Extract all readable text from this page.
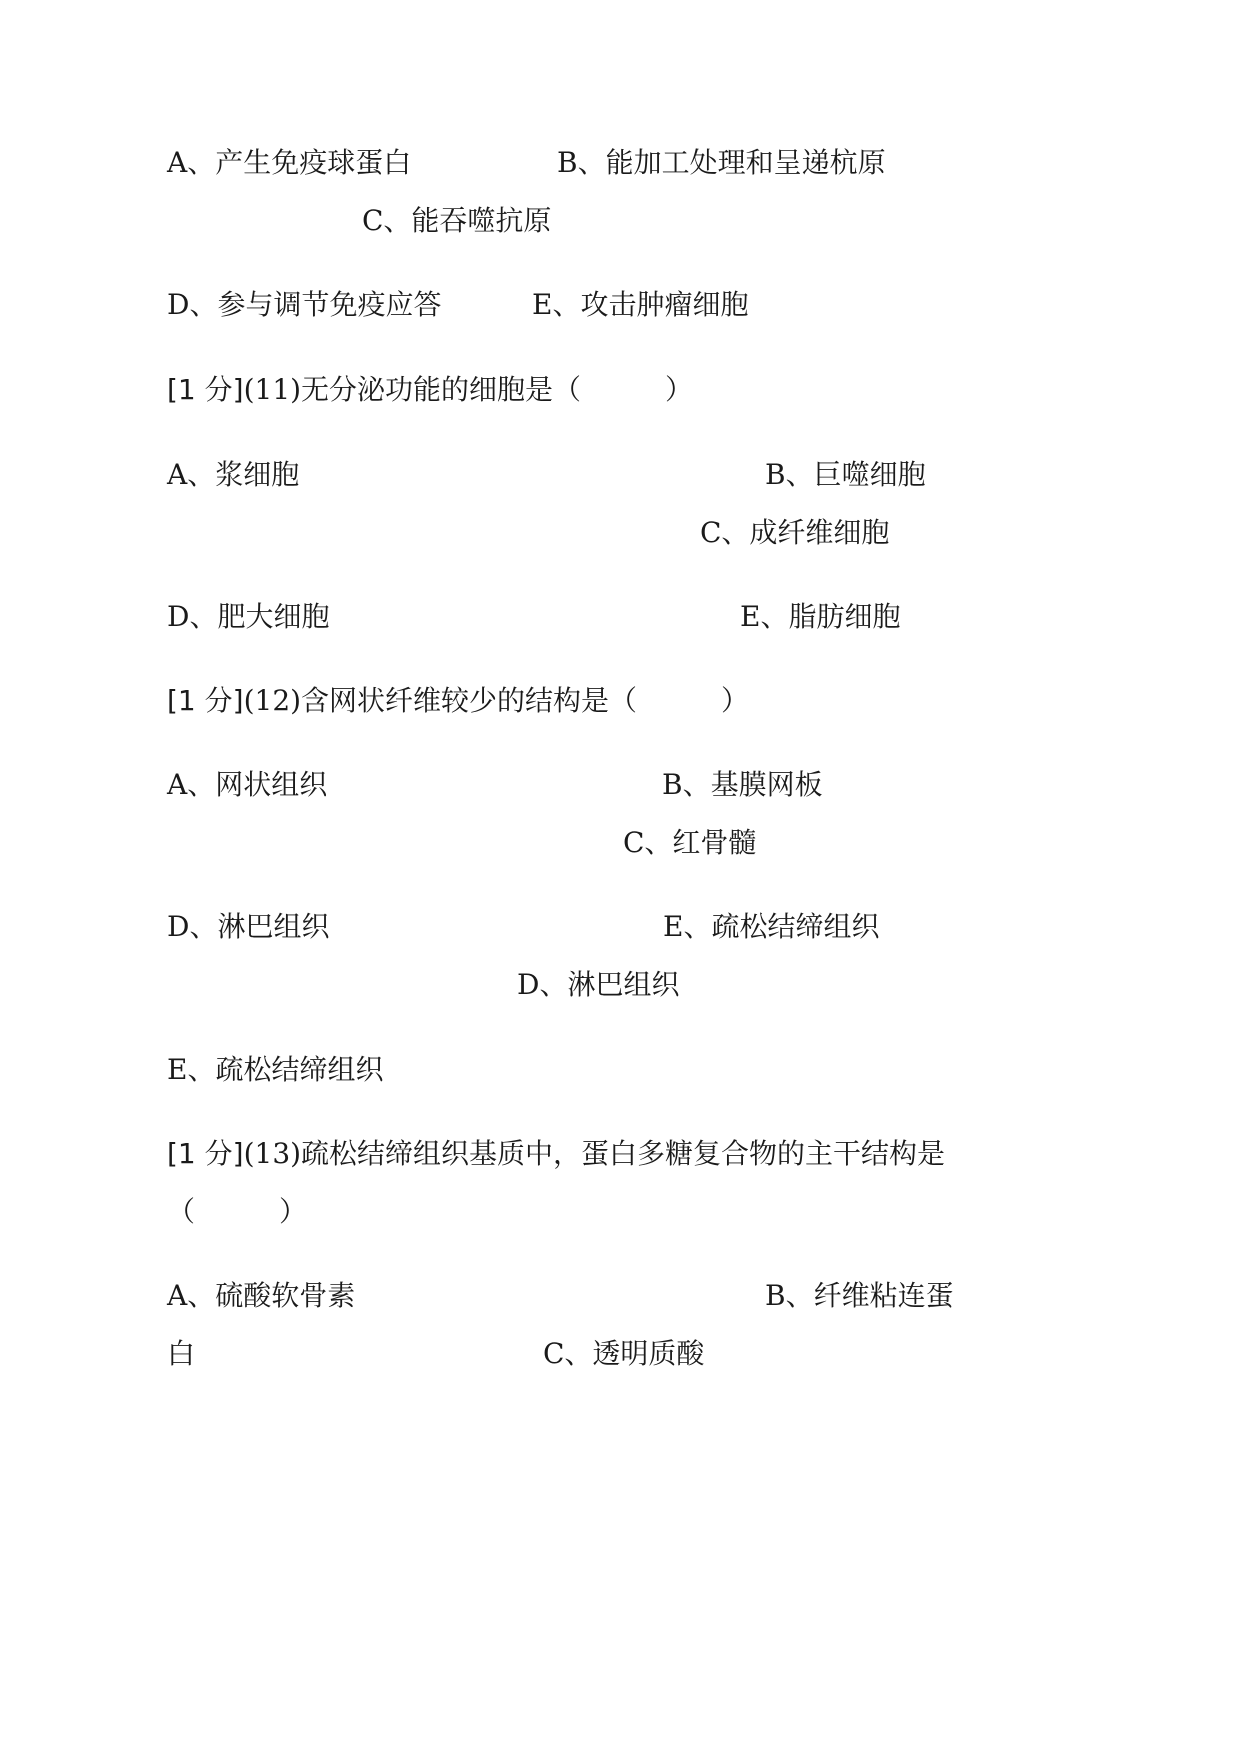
A、产生免疫球蛋白	B、能加工处理和呈递杭原
C、能吞噬抗原
D、参与调节免疫应答	E、攻击肿瘤细胞
[1 分](11)无分泌功能的细胞是（　　　）
A、浆细胞	B、巨噬细胞
C、成纤维细胞
D、肥大细胞	E、脂肪细胞
[1 分](12)含网状纤维较少的结构是（　　　）
A、网状组织	B、基膜网板
C、红骨髓
D、淋巴组织	E、疏松结缔组织
D、淋巴组织
E、疏松结缔组织
[1 分](13)疏松结缔组织基质中，蛋白多糖复合物的主干结构是
（　　　）
A、硫酸软骨素	B、纤维粘连蛋
白	C、透明质酸
